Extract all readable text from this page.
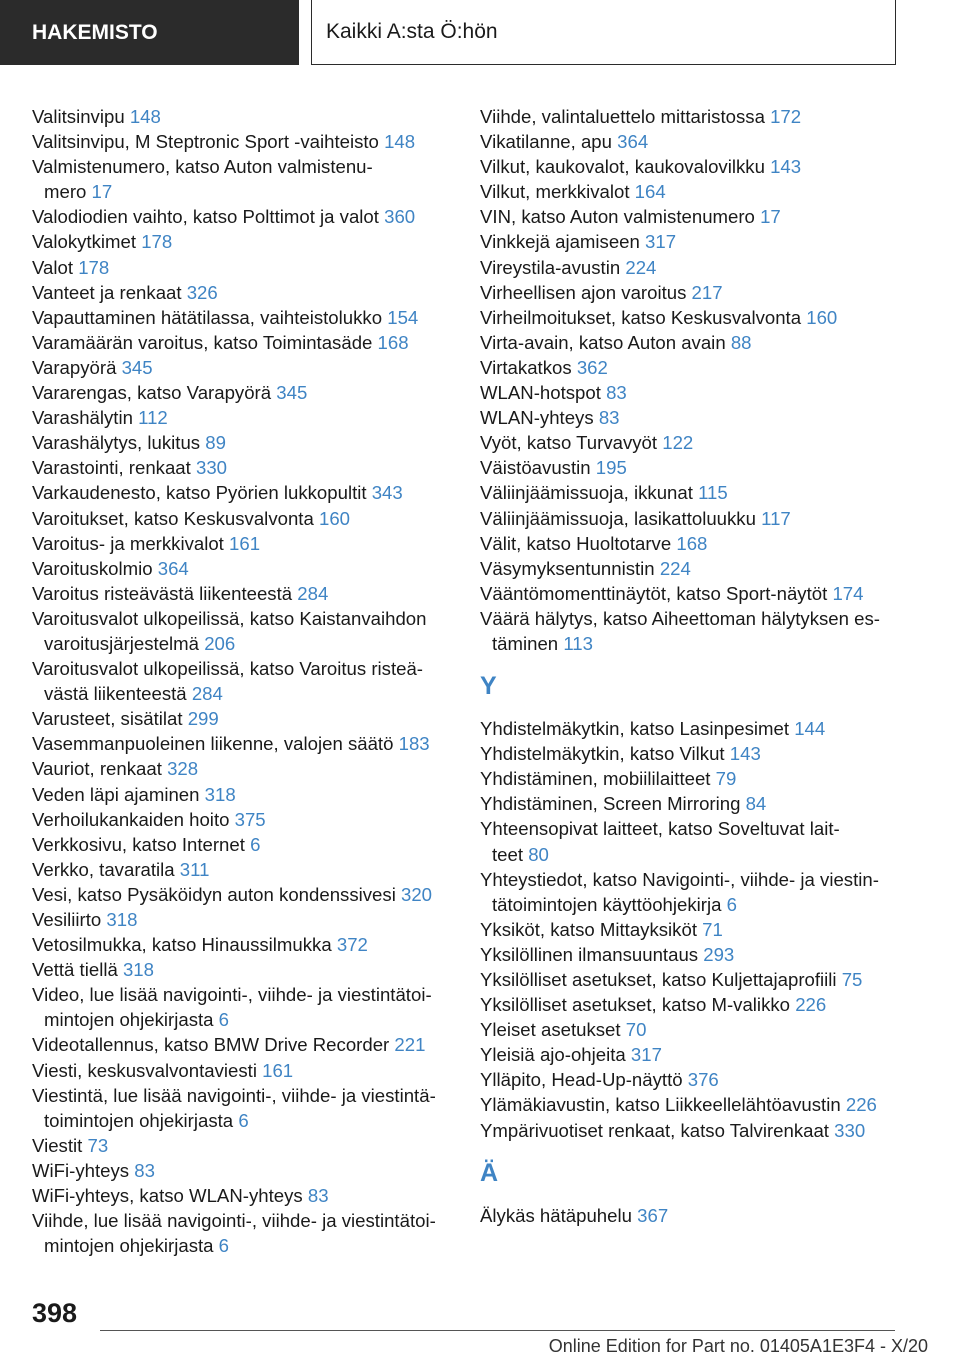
HAKEMISTO	Kaikki A:sta Ö:hön
Valitsinvipu 148
Valitsinvipu, M Steptronic Sport -vaihteisto 148
Valmistenumero, katso Auton valmistenu-
mero 17
Valodiodien vaihto, katso Polttimot ja valot 360
Valokytkimet 178
Valot 178
Vanteet ja renkaat 326
Vapauttaminen hätätilassa, vaihteistolukko 154
Varamäärän varoitus, katso Toimintasäde 168
Varapyörä 345
Vararengas, katso Varapyörä 345
Varashälytin 112
Varashälytys, lukitus 89
Varastointi, renkaat 330
Varkaudenesto, katso Pyörien lukkopultit 343
Varoitukset, katso Keskusvalvonta 160
Varoitus- ja merkkivalot 161
Varoituskolmio 364
Varoitus risteävästä liikenteestä 284
Varoitusvalot ulkopeilissä, katso Kaistanvaihdon
varoitusjärjestelmä 206
Varoitusvalot ulkopeilissä, katso Varoitus risteä-
västä liikenteestä 284
Varusteet, sisätilat 299
Vasemmanpuoleinen liikenne, valojen säätö 183
Vauriot, renkaat 328
Veden läpi ajaminen 318
Verhoilukankaiden hoito 375
Verkkosivu, katso Internet 6
Verkko, tavaratila 311
Vesi, katso Pysäköidyn auton kondenssivesi 320
Vesiliirto 318
Vetosilmukka, katso Hinaussilmukka 372
Vettä tiellä 318
Video, lue lisää navigointi-, viihde- ja viestintätoi-
mintojen ohjekirjasta 6
Videotallennus, katso BMW Drive Recorder 221
Viesti, keskusvalvontaviesti 161
Viestintä, lue lisää navigointi-, viihde- ja viestintä-
toimintojen ohjekirjasta 6
Viestit 73
WiFi-yhteys 83
WiFi-yhteys, katso WLAN-yhteys 83
Viihde, lue lisää navigointi-, viihde- ja viestintätoi-
mintojen ohjekirjasta 6
Viihde, valintaluettelo mittaristossa 172
Vikatilanne, apu 364
Vilkut, kaukovalot, kaukovalovilkku 143
Vilkut, merkkivalot 164
VIN, katso Auton valmistenumero 17
Vinkkejä ajamiseen 317
Vireystila-avustin 224
Virheellisen ajon varoitus 217
Virheilmoitukset, katso Keskusvalvonta 160
Virta-avain, katso Auton avain 88
Virtakatkos 362
WLAN-hotspot 83
WLAN-yhteys 83
Vyöt, katso Turvavyöt 122
Väistöavustin 195
Väliinjäämissuoja, ikkunat 115
Väliinjäämissuoja, lasikattoluukku 117
Välit, katso Huoltotarve 168
Väsymyksentunnistin 224
Vääntömomenttinäytöt, katso Sport-näytöt 174
Väärä hälytys, katso Aiheettoman hälytyksen es-
täminen 113
Y
Yhdistelmäkytkin, katso Lasinpesimet 144
Yhdistelmäkytkin, katso Vilkut 143
Yhdistäminen, mobiililaitteet 79
Yhdistäminen, Screen Mirroring 84
Yhteensopivat laitteet, katso Soveltuvat lait-
teet 80
Yhteystiedot, katso Navigointi-, viihde- ja viestin-
tätoimintojen käyttöohjekirja 6
Yksiköt, katso Mittayksiköt 71
Yksilöllinen ilmansuuntaus 293
Yksilölliset asetukset, katso Kuljettajaprofiili 75
Yksilölliset asetukset, katso M-valikko 226
Yleiset asetukset 70
Yleisiä ajo-ohjeita 317
Ylläpito, Head-Up-näyttö 376
Ylämäkiavustin, katso Liikkeellelähtöavustin 226
Ympärivuotiset renkaat, katso Talvirenkaat 330
Ä
Älykäs hätäpuhelu 367
398
Online Edition for Part no. 01405A1E3F4 - X/20
